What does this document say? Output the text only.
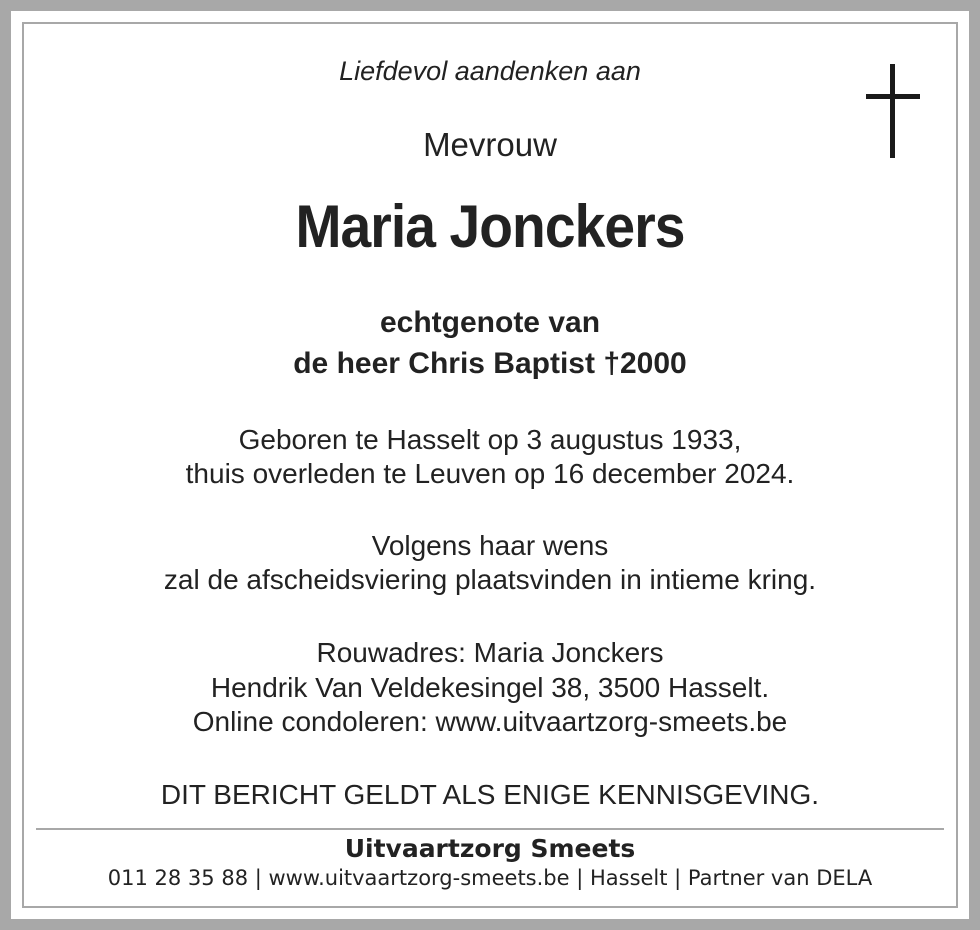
Liefdevol aandenken aan
Mevrouw
Maria Jonckers
echtgenote van
de heer Chris Baptist †2000
Geboren te Hasselt op 3 augustus 1933,
thuis overleden te Leuven op 16 december 2024.
Volgens haar wens
zal de afscheidsviering plaatsvinden in intieme kring.
Rouwadres: Maria Jonckers
Hendrik Van Veldekesingel 38, 3500 Hasselt.
Online condoleren: www.uitvaartzorg-smeets.be
DIT BERICHT GELDT ALS ENIGE KENNISGEVING.
Uitvaartzorg Smeets
011 28 35 88 | www.uitvaartzorg-smeets.be | Hasselt | Partner van DELA
